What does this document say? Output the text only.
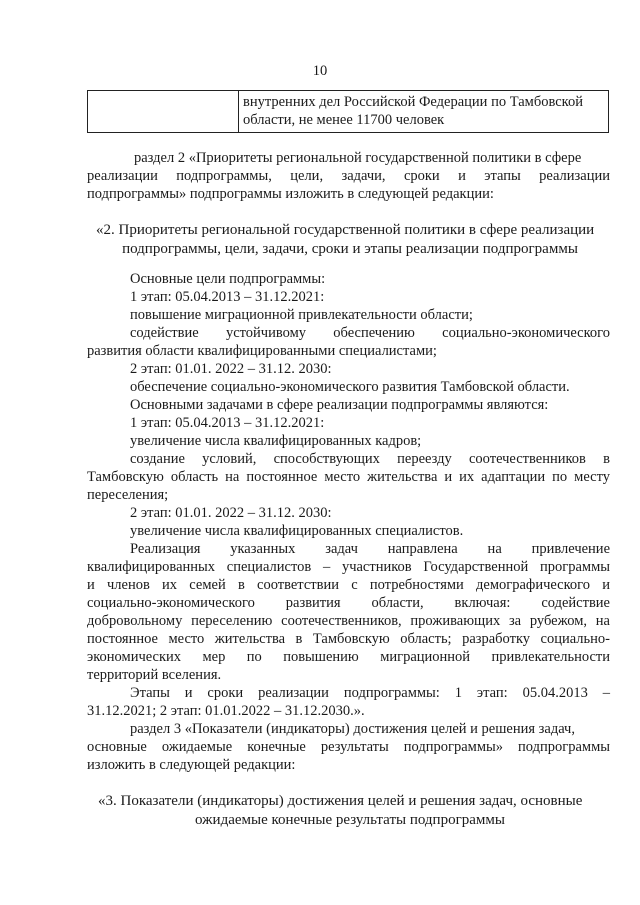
10

внутренних дел Российской Федерации по Тамбовской
области, не менее 11700 человек
раздел 2 «Приоритеты региональной государственной политики в сфере
реализации подпрограммы, цели, задачи, сроки и этапы реализации
подпрограммы» подпрограммы изложить в следующей редакции:
«2. Приоритеты региональной государственной политики в сфере реализации
подпрограммы, цели, задачи, сроки и этапы реализации подпрограммы
Основные цели подпрограммы:
1 этап: 05.04.2013 – 31.12.2021:
повышение миграционной привлекательности области;
содействие устойчивому обеспечению социально-экономического
развития области квалифицированными специалистами;
2 этап: 01.01. 2022 – 31.12. 2030:
обеспечение социально-экономического развития Тамбовской области.
Основными задачами в сфере реализации подпрограммы являются:
1 этап: 05.04.2013 – 31.12.2021:
увеличение числа квалифицированных кадров;
создание условий, способствующих переезду соотечественников в
Тамбовскую область на постоянное место жительства и их адаптации по месту
переселения;
2 этап: 01.01. 2022 – 31.12. 2030:
увеличение числа квалифицированных специалистов.
Реализация указанных задач направлена на привлечение
квалифицированных специалистов – участников Государственной программы
и членов их семей в соответствии с потребностями демографического и
социально-экономического развития области, включая: содействие
добровольному переселению соотечественников, проживающих за рубежом, на
постоянное место жительства в Тамбовскую область; разработку социально-
экономических мер по повышению миграционной привлекательности
территорий вселения.
Этапы и сроки реализации подпрограммы: 1 этап: 05.04.2013 –
31.12.2021; 2 этап: 01.01.2022 – 31.12.2030.».
раздел 3 «Показатели (индикаторы) достижения целей и решения задач,
основные ожидаемые конечные результаты подпрограммы» подпрограммы
изложить в следующей редакции:
«3. Показатели (индикаторы) достижения целей и решения задач, основные
ожидаемые конечные результаты подпрограммы
